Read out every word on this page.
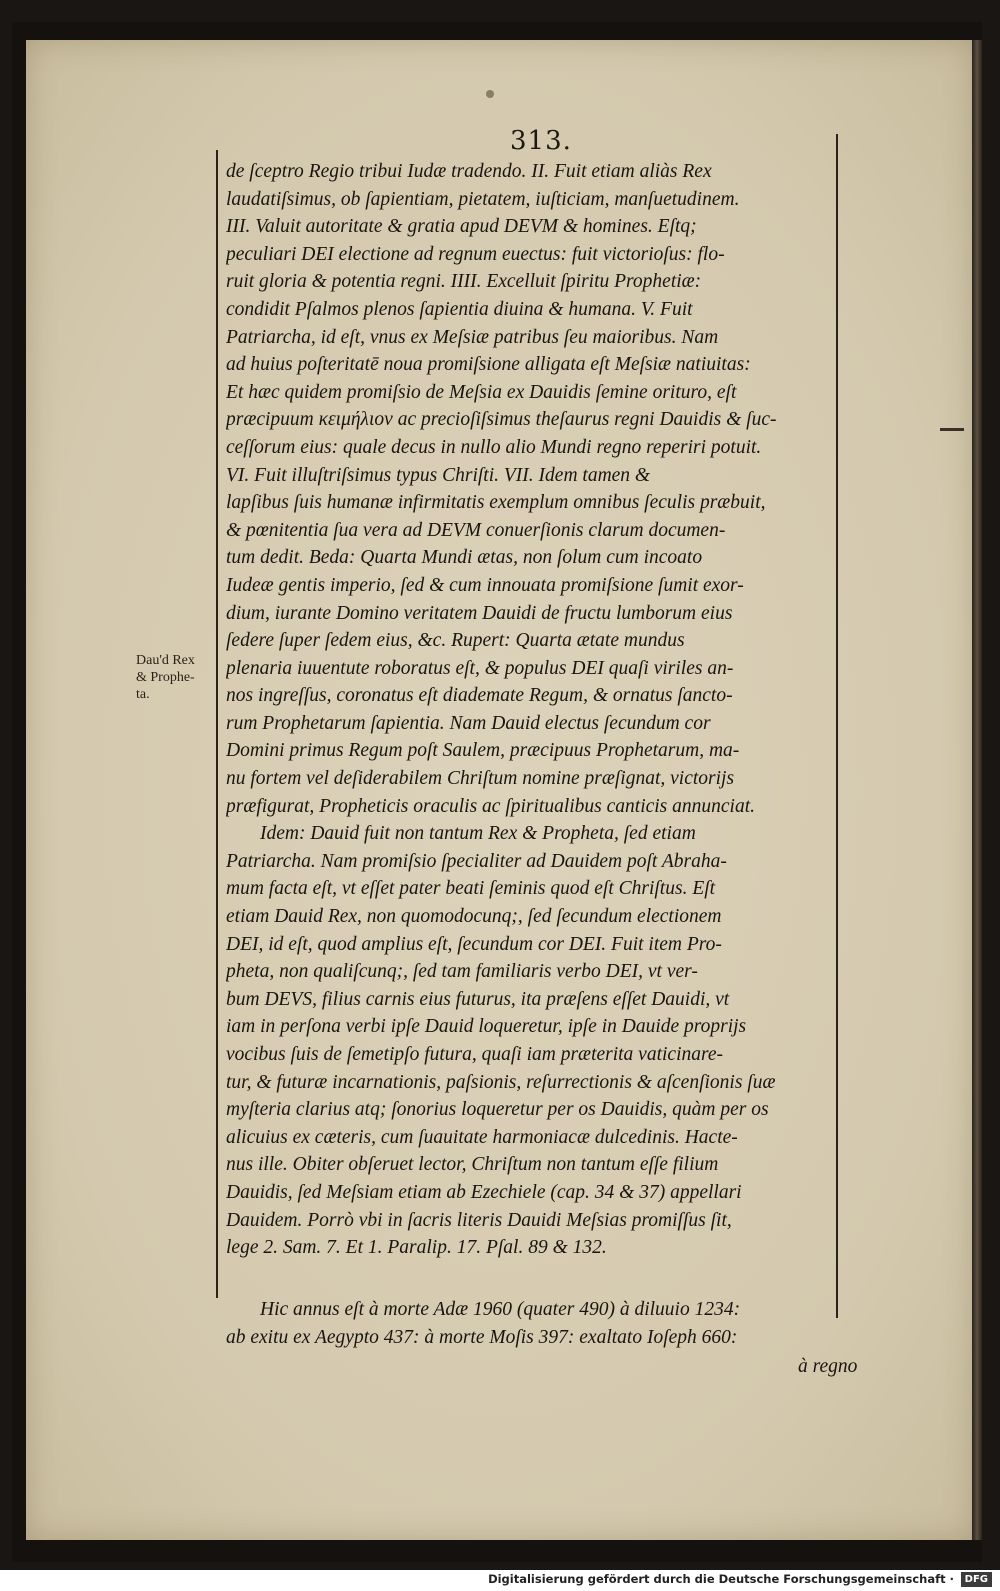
313.
Dau'd Rex
& Prophe-
ta.
de ſceptro Regio tribui Iudæ tradendo. II. Fuit etiam aliàs Rex
laudatiſsimus, ob ſapientiam, pietatem, iuſticiam, manſuetudinem.
III. Valuit autoritate & gratia apud DEVM & homines. Eſtq;
peculiari DEI electione ad regnum euectus: fuit victorioſus: flo-
ruit gloria & potentia regni. IIII. Excelluit ſpiritu Prophetiæ:
condidit Pſalmos plenos ſapientia diuina & humana. V. Fuit
Patriarcha, id eſt, vnus ex Meſsiæ patribus ſeu maioribus. Nam
ad huius poſteritatē noua promiſsione alligata eſt Meſsiæ natiuitas:
Et hæc quidem promiſsio de Meſsia ex Dauidis ſemine orituro, eſt
præcipuum κειμήλιον ac precioſiſsimus theſaurus regni Dauidis & ſuc-
ceſſorum eius: quale decus in nullo alio Mundi regno reperiri potuit.
VI. Fuit illuſtriſsimus typus Chriſti. VII. Idem tamen &
lapſibus ſuis humanæ infirmitatis exemplum omnibus ſeculis præbuit,
& pœnitentia ſua vera ad DEVM conuerſionis clarum documen-
tum dedit. Beda: Quarta Mundi ætas, non ſolum cum incoato
Iudeæ gentis imperio, ſed & cum innouata promiſsione ſumit exor-
dium, iurante Domino veritatem Dauidi de fructu lumborum eius
ſedere ſuper ſedem eius, &c. Rupert: Quarta ætate mundus
plenaria iuuentute roboratus eſt, & populus DEI quaſi viriles an-
nos ingreſſus, coronatus eſt diademate Regum, & ornatus ſancto-
rum Prophetarum ſapientia. Nam Dauid electus ſecundum cor
Domini primus Regum poſt Saulem, præcipuus Prophetarum, ma-
nu fortem vel deſiderabilem Chriſtum nomine præſignat, victorijs
præfigurat, Propheticis oraculis ac ſpiritualibus canticis annunciat.
Idem: Dauid fuit non tantum Rex & Propheta, ſed etiam
Patriarcha. Nam promiſsio ſpecialiter ad Dauidem poſt Abraha-
mum facta eſt, vt eſſet pater beati ſeminis quod eſt Chriſtus. Eſt
etiam Dauid Rex, non quomodocunq;, ſed ſecundum electionem
DEI, id eſt, quod amplius eſt, ſecundum cor DEI. Fuit item Pro-
pheta, non qualiſcunq;, ſed tam familiaris verbo DEI, vt ver-
bum DEVS, filius carnis eius futurus, ita præſens eſſet Dauidi, vt
iam in perſona verbi ipſe Dauid loqueretur, ipſe in Dauide proprijs
vocibus ſuis de ſemetipſo futura, quaſi iam præterita vaticinare-
tur, & futuræ incarnationis, paſsionis, reſurrectionis & aſcenſionis ſuæ
myſteria clarius atq; ſonorius loqueretur per os Dauidis, quàm per os
alicuius ex cæteris, cum ſuauitate harmoniacæ dulcedinis. Hacte-
nus ille. Obiter obſeruet lector, Chriſtum non tantum eſſe filium
Dauidis, ſed Meſsiam etiam ab Ezechiele (cap. 34 & 37) appellari
Dauidem. Porrò vbi in ſacris literis Dauidi Meſsias promiſſus ſit,
lege 2. Sam. 7. Et 1. Paralip. 17. Pſal. 89 & 132.
Hic annus eſt à morte Adæ 1960 (quater 490) à diluuio 1234:
ab exitu ex Aegypto 437: à morte Moſis 397: exaltato Ioſeph 660:
à regno
Digitalisierung gefördert durch die Deutsche Forschungsgemeinschaft ·	DFG
